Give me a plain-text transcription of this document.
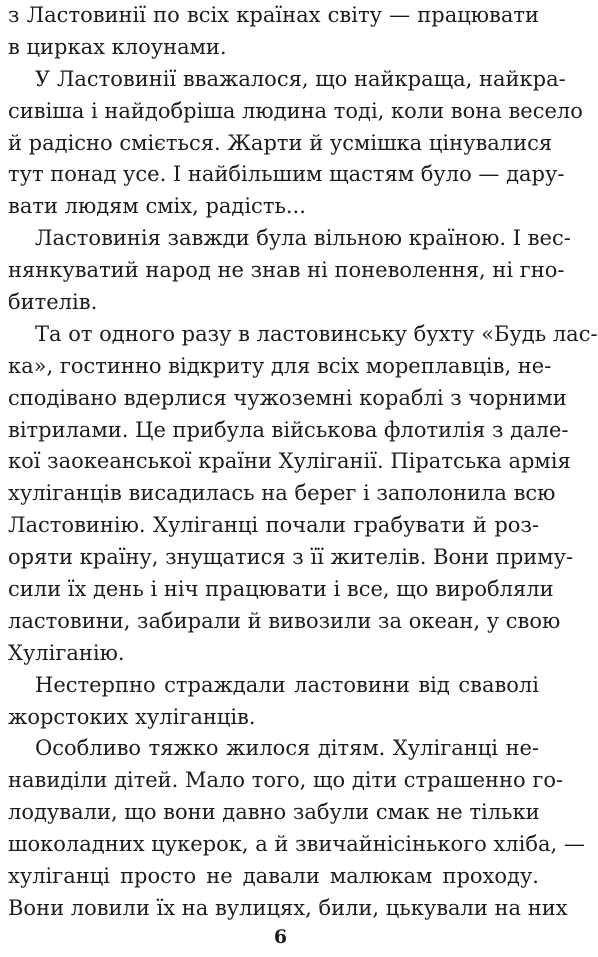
з Ластовинії по всіх країнах світу — працювати
в цирках клоунами.
У Ластовинії вважалося, що найкраща, найкра-
сивіша і найдобріша людина тоді, коли вона весело
й радісно сміється. Жарти й усмішка цінувалися
тут понад усе. І найбільшим щастям було — дару-
вати людям сміх, радість...
Ластовинія завжди була вільною країною. І вес-
нянкуватий народ не знав ні поневолення, ні гно-
бителів.
Та от одного разу в ластовинську бухту «Будь лас-
ка», гостинно відкриту для всіх мореплавців, не-
сподівано вдерлися чужоземні кораблі з чорними
вітрилами. Це прибула військова флотилія з дале-
кої заокеанської країни Хуліганії. Піратська армія
хуліганців висадилась на берег і заполонила всю
Ластовинію. Хуліганці почали грабувати й роз-
оряти країну, знущатися з її жителів. Вони приму-
сили їх день і ніч працювати і все, що виробляли
ластовини, забирали й вивозили за океан, у свою
Хуліганію.
Нестерпно страждали ластовини від сваволі
жорстоких хуліганців.
Особливо тяжко жилося дітям. Хуліганці не-
навиділи дітей. Мало того, що діти страшенно го-
лодували, що вони давно забули смак не тільки
шоколадних цукерок, а й звичайнісінького хліба, —
хуліганці просто не давали малюкам проходу.
Вони ловили їх на вулицях, били, цькували на них
6
